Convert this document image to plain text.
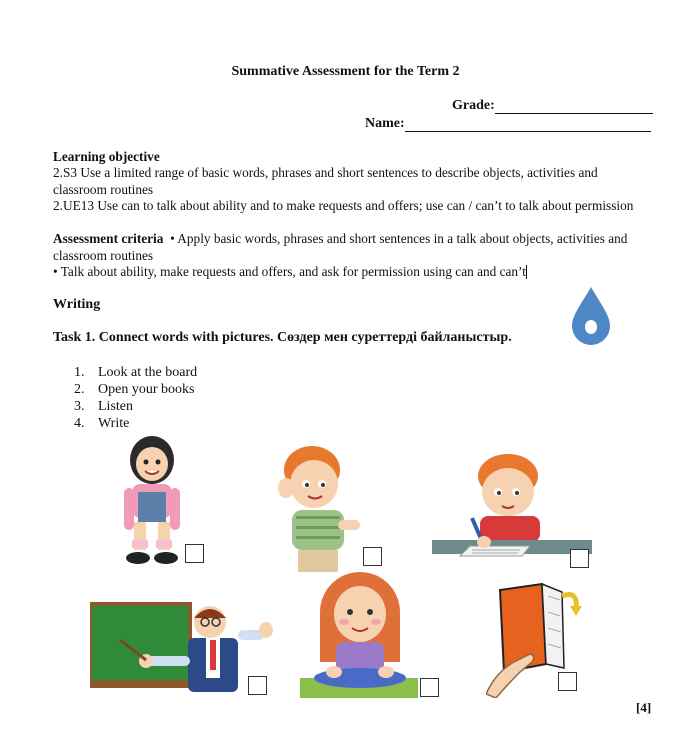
Summative Assessment for the Term 2
Grade:
Name:
Learning objective
2.S3 Use a limited range of basic words, phrases and short sentences to describe objects, activities and classroom routines
2.UE13 Use can to talk about ability and to make requests and offers; use can / can’t to talk about permission
Assessment criteria • Apply basic words, phrases and short sentences in a talk about objects, activities and classroom routines
• Talk about ability, make requests and offers, and ask for permission using can and can’t
Writing
Task 1. Connect words with pictures. Сөздер мен суреттерді байланыстыр.
1. Look at the board
2. Open your books
3. Listen
4. Write
[4]
